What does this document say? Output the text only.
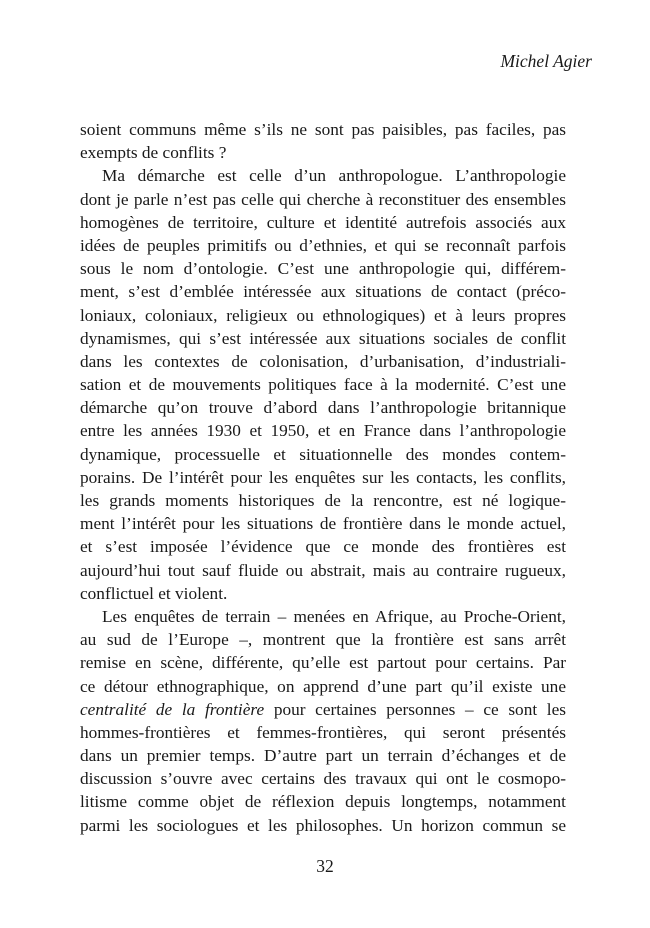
Michel Agier
soient communs même s’ils ne sont pas paisibles, pas faciles, pas
exempts de conflits ?
Ma démarche est celle d’un anthropologue. L’anthropologie
dont je parle n’est pas celle qui cherche à reconstituer des ensembles
homogènes de territoire, culture et identité autrefois associés aux
idées de peuples primitifs ou d’ethnies, et qui se reconnaît parfois
sous le nom d’ontologie. C’est une anthropologie qui, différem-
ment, s’est d’emblée intéressée aux situations de contact (préco-
loniaux, coloniaux, religieux ou ethnologiques) et à leurs propres
dynamismes, qui s’est intéressée aux situations sociales de conflit
dans les contextes de colonisation, d’urbanisation, d’industriali-
sation et de mouvements politiques face à la modernité. C’est une
démarche qu’on trouve d’abord dans l’anthropologie britannique
entre les années 1930 et 1950, et en France dans l’anthropologie
dynamique, processuelle et situationnelle des mondes contem-
porains. De l’intérêt pour les enquêtes sur les contacts, les conflits,
les grands moments historiques de la rencontre, est né logique-
ment l’intérêt pour les situations de frontière dans le monde actuel,
et s’est imposée l’évidence que ce monde des frontières est
aujourd’hui tout sauf fluide ou abstrait, mais au contraire rugueux,
conflictuel et violent.
Les enquêtes de terrain – menées en Afrique, au Proche-Orient,
au sud de l’Europe –, montrent que la frontière est sans arrêt
remise en scène, différente, qu’elle est partout pour certains. Par
ce détour ethnographique, on apprend d’une part qu’il existe une
centralité de la frontière pour certaines personnes – ce sont les
hommes-frontières et femmes-frontières, qui seront présentés
dans un premier temps. D’autre part un terrain d’échanges et de
discussion s’ouvre avec certains des travaux qui ont le cosmopo-
litisme comme objet de réflexion depuis longtemps, notamment
parmi les sociologues et les philosophes. Un horizon commun se
32
